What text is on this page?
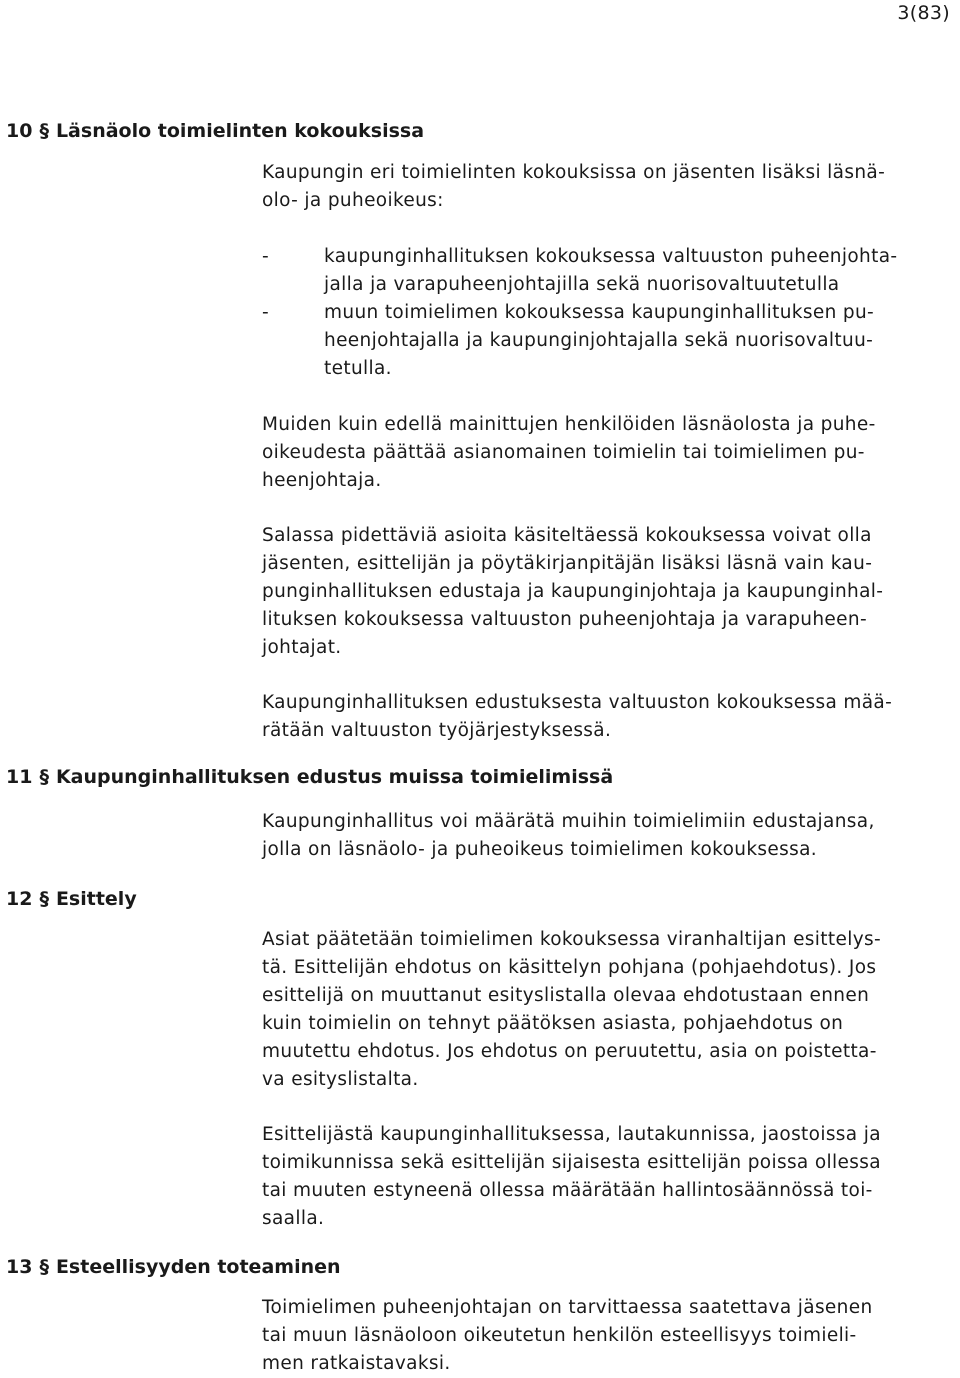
3(83)
10 § Läsnäolo toimielinten kokouksissa

Kaupungin eri toimielinten kokouksissa on jäsenten lisäksi läsnä-
olo- ja puheoikeus:

-	kaupunginhallituksen kokouksessa valtuuston puheenjohta-
jalla ja varapuheenjohtajilla sekä nuorisovaltuutetulla
-	muun toimielimen kokouksessa kaupunginhallituksen pu-
heenjohtajalla ja kaupunginjohtajalla sekä nuorisovaltuu-
tetulla.

Muiden kuin edellä mainittujen henkilöiden läsnäolosta ja puhe-
oikeudesta päättää asianomainen toimielin tai toimielimen pu-
heenjohtaja.

Salassa pidettäviä asioita käsiteltäessä kokouksessa voivat olla
jäsenten, esittelijän ja pöytäkirjanpitäjän lisäksi läsnä vain kau-
punginhallituksen edustaja ja kaupunginjohtaja ja kaupunginhal-
lituksen kokouksessa valtuuston puheenjohtaja ja varapuheen-
johtajat.

Kaupunginhallituksen edustuksesta valtuuston kokouksessa mää-
rätään valtuuston työjärjestyksessä.

11 § Kaupunginhallituksen edustus muissa toimielimissä

Kaupunginhallitus voi määrätä muihin toimielimiin edustajansa,
jolla on läsnäolo- ja puheoikeus toimielimen kokouksessa.

12 § Esittely

Asiat päätetään toimielimen kokouksessa viranhaltijan esittelys-
tä. Esittelijän ehdotus on käsittelyn pohjana (pohjaehdotus). Jos
esittelijä on muuttanut esityslistalla olevaa ehdotustaan ennen
kuin toimielin on tehnyt päätöksen asiasta, pohjaehdotus on
muutettu ehdotus. Jos ehdotus on peruutettu, asia on poistetta-
va esityslistalta.

Esittelijästä kaupunginhallituksessa, lautakunnissa, jaostoissa ja
toimikunnissa sekä esittelijän sijaisesta esittelijän poissa ollessa
tai muuten estyneenä ollessa määrätään hallintosäännössä toi-
saalla.

13 § Esteellisyyden toteaminen

Toimielimen puheenjohtajan on tarvittaessa saatettava jäsenen
tai muun läsnäoloon oikeutetun henkilön esteellisyys toimieli-
men ratkaistavaksi.
